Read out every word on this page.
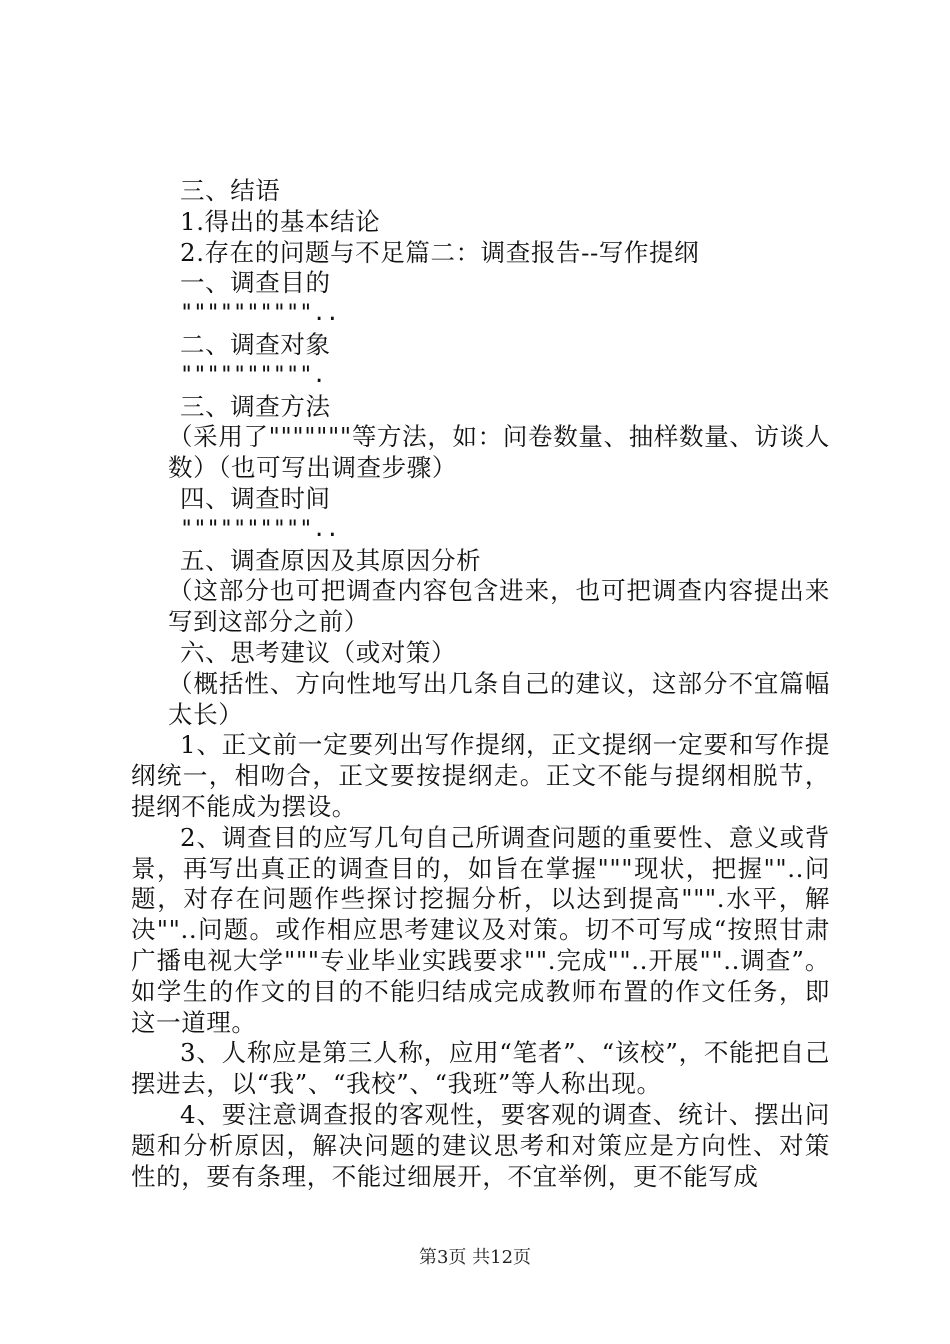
三、结语

1.得出的基本结论

2.存在的问题与不足篇二：调查报告--写作提纲

一、调查目的

""""""""""..

二、调查对象

"""""""""".

三、调查方法

（采用了"""""""等方法，如：问卷数量、抽样数量、访谈人数）（也可写出调查步骤）

四、调查时间

""""""""""..

五、调查原因及其原因分析

（这部分也可把调查内容包含进来，也可把调查内容提出来写到这部分之前）

六、思考建议（或对策）

（概括性、方向性地写出几条自己的建议，这部分不宜篇幅太长）

1、正文前一定要列出写作提纲，正文提纲一定要和写作提纲统一，相吻合，正文要按提纲走。正文不能与提纲相脱节，提纲不能成为摆设。

2、调查目的应写几句自己所调查问题的重要性、意义或背景，再写出真正的调查目的，如旨在掌握"""现状，把握""..问题，对存在问题作些探讨挖掘分析，以达到提高""".水平，解决""..问题。或作相应思考建议及对策。切不可写成“按照甘肃广播电视大学"""专业毕业实践要求"".完成""..开展""..调查”。如学生的作文的目的不能归结成完成教师布置的作文任务，即这一道理。

3、人称应是第三人称，应用“笔者”、“该校”，不能把自己摆进去，以“我”、“我校”、“我班”等人称出现。

4、要注意调查报的客观性，要客观的调查、统计、摆出问题和分析原因，解决问题的建议思考和对策应是方向性、对策性的，要有条理，不能过细展开，不宜举例，更不能写成

第3页 共12页
